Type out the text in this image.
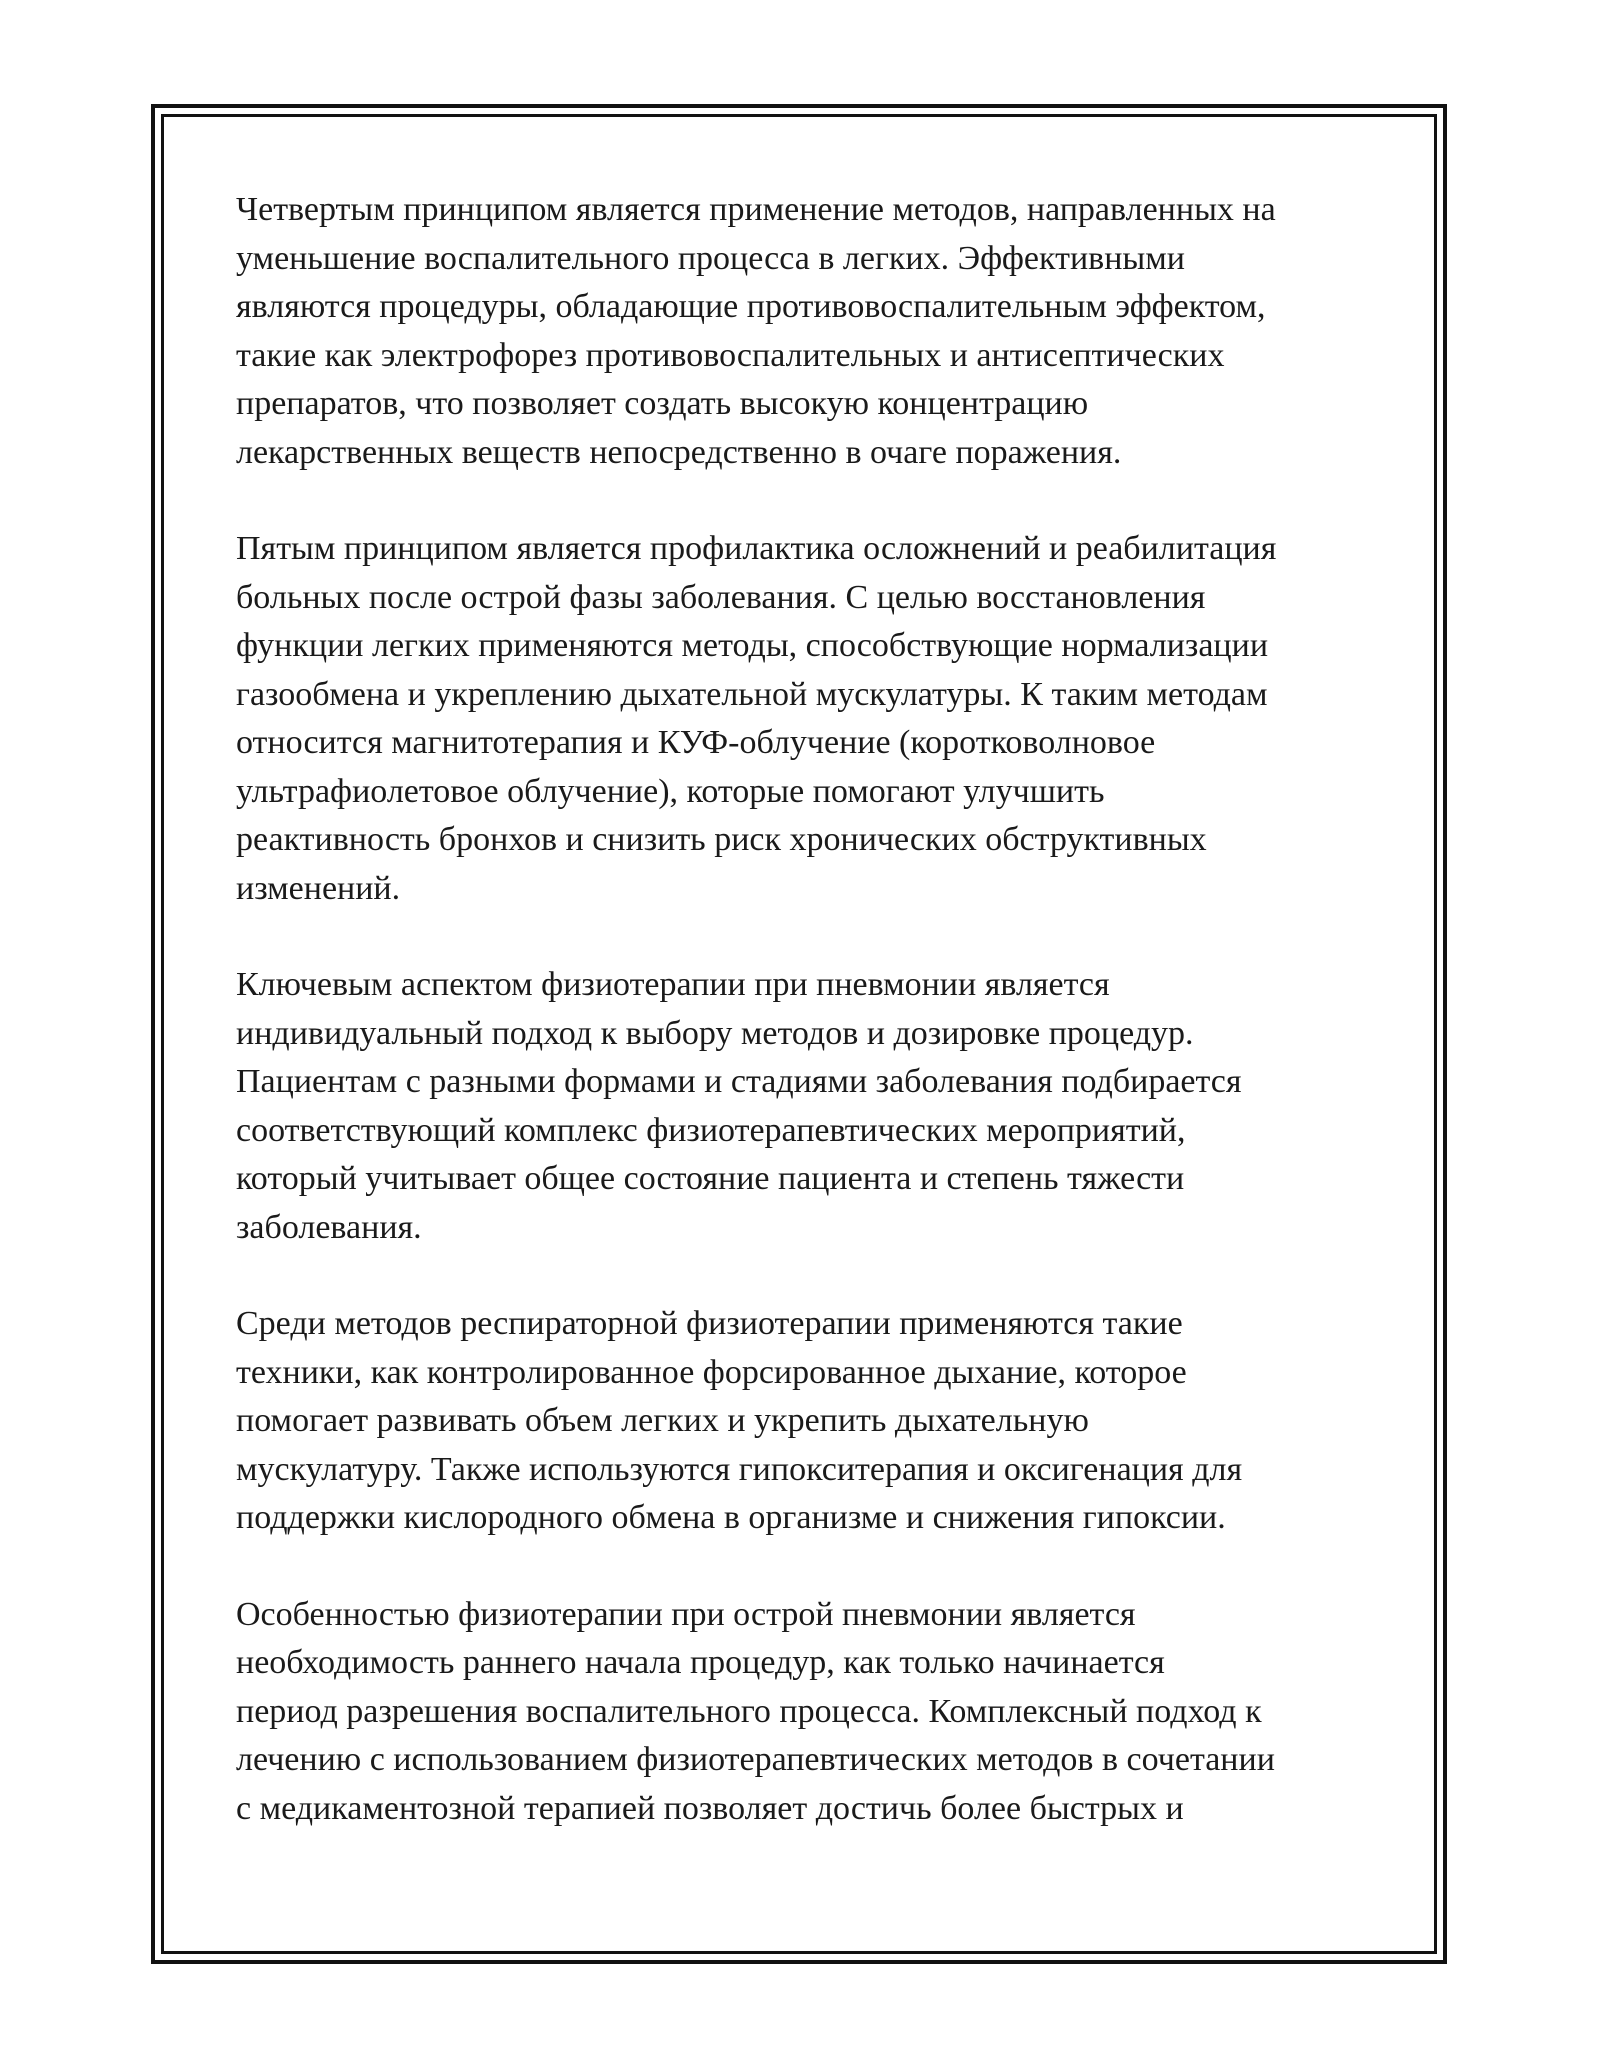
Четвертым принципом является применение методов, направленных на
уменьшение воспалительного процесса в легких. Эффективными
являются процедуры, обладающие противовоспалительным эффектом,
такие как электрофорез противовоспалительных и антисептических
препаратов, что позволяет создать высокую концентрацию
лекарственных веществ непосредственно в очаге поражения.

Пятым принципом является профилактика осложнений и реабилитация
больных после острой фазы заболевания. С целью восстановления
функции легких применяются методы, способствующие нормализации
газообмена и укреплению дыхательной мускулатуры. К таким методам
относится магнитотерапия и КУФ-облучение (коротковолновое
ультрафиолетовое облучение), которые помогают улучшить
реактивность бронхов и снизить риск хронических обструктивных
изменений.

Ключевым аспектом физиотерапии при пневмонии является
индивидуальный подход к выбору методов и дозировке процедур.
Пациентам с разными формами и стадиями заболевания подбирается
соответствующий комплекс физиотерапевтических мероприятий,
который учитывает общее состояние пациента и степень тяжести
заболевания.

Среди методов респираторной физиотерапии применяются такие
техники, как контролированное форсированное дыхание, которое
помогает развивать объем легких и укрепить дыхательную
мускулатуру. Также используются гипокситерапия и оксигенация для
поддержки кислородного обмена в организме и снижения гипоксии.

Особенностью физиотерапии при острой пневмонии является
необходимость раннего начала процедур, как только начинается
период разрешения воспалительного процесса. Комплексный подход к
лечению с использованием физиотерапевтических методов в сочетании
с медикаментозной терапией позволяет достичь более быстрых и
